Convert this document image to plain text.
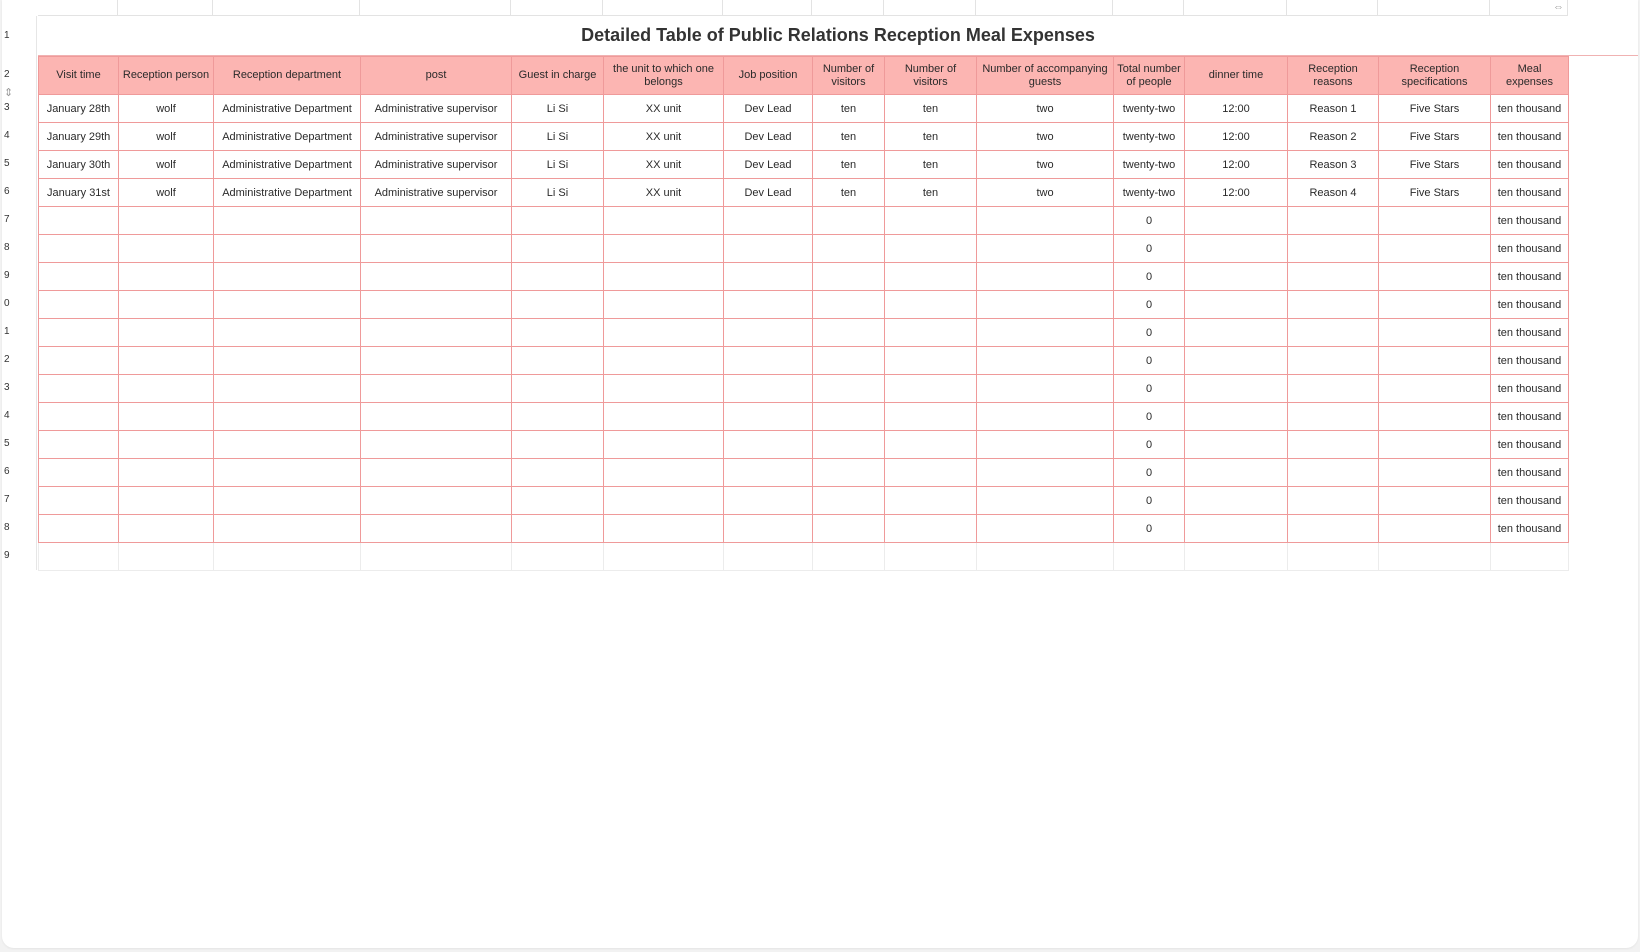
1
2
3
4
5
6
7
8
9
0
1
2
3
4
5
6
7
8
9
⇕
⇔
Detailed Table of Public Relations Reception Meal Expenses
Visit time	Reception person	Reception department	post	Guest in charge	the unit to which one belongs	Job position	Number of visitors	Number of visitors	Number of accompanying guests	Total number of people	dinner time	Reception reasons	Reception specifications	Meal expenses
January 28th	wolf	Administrative Department	Administrative supervisor	Li Si	XX unit	Dev Lead	ten	ten	two	twenty-two	12:00	Reason 1	Five Stars	ten thousand
January 29th	wolf	Administrative Department	Administrative supervisor	Li Si	XX unit	Dev Lead	ten	ten	two	twenty-two	12:00	Reason 2	Five Stars	ten thousand
January 30th	wolf	Administrative Department	Administrative supervisor	Li Si	XX unit	Dev Lead	ten	ten	two	twenty-two	12:00	Reason 3	Five Stars	ten thousand
January 31st	wolf	Administrative Department	Administrative supervisor	Li Si	XX unit	Dev Lead	ten	ten	two	twenty-two	12:00	Reason 4	Five Stars	ten thousand
										0				ten thousand
										0				ten thousand
										0				ten thousand
										0				ten thousand
										0				ten thousand
										0				ten thousand
										0				ten thousand
										0				ten thousand
										0				ten thousand
										0				ten thousand
										0				ten thousand
										0				ten thousand
